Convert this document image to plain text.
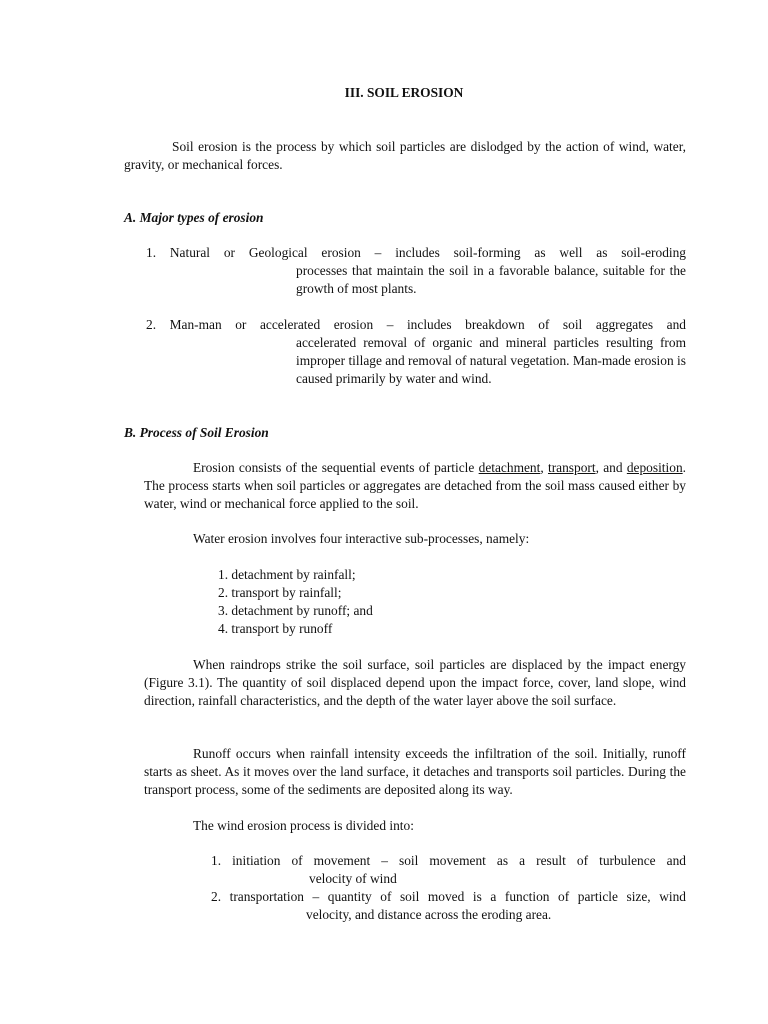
III. SOIL EROSION

Soil erosion is the process by which soil particles are dislodged by the action of wind, water, gravity, or mechanical forces.

A. Major types of erosion
1. Natural or Geological erosion – includes soil-forming as well as soil-eroding
processes that maintain the soil in a favorable balance, suitable for the growth of most plants.
2. Man-man or accelerated erosion – includes breakdown of soil aggregates and
accelerated removal of organic and mineral particles resulting from improper tillage and removal of natural vegetation. Man-made erosion is caused primarily by water and wind.
B. Process of Soil Erosion

Erosion consists of the sequential events of particle detachment, transport, and deposition. The process starts when soil particles or aggregates are detached from the soil mass caused either by water, wind or mechanical force applied to the soil.

Water erosion involves four interactive sub-processes, namely:

1. detachment by rainfall;
2. transport by rainfall;
3. detachment by runoff; and
4. transport by runoff

When raindrops strike the soil surface, soil particles are displaced by the impact energy (Figure 3.1). The quantity of soil displaced depend upon the impact force, cover, land slope, wind direction, rainfall characteristics, and the depth of the water layer above the soil surface.

Runoff occurs when rainfall intensity exceeds the infiltration of the soil. Initially, runoff starts as sheet. As it moves over the land surface, it detaches and transports soil particles. During the transport process, some of the sediments are deposited along its way.

The wind erosion process is divided into:

1. initiation of movement – soil movement as a result of turbulence and
velocity of wind
2. transportation – quantity of soil moved is a function of particle size, wind
velocity, and distance across the eroding area.
